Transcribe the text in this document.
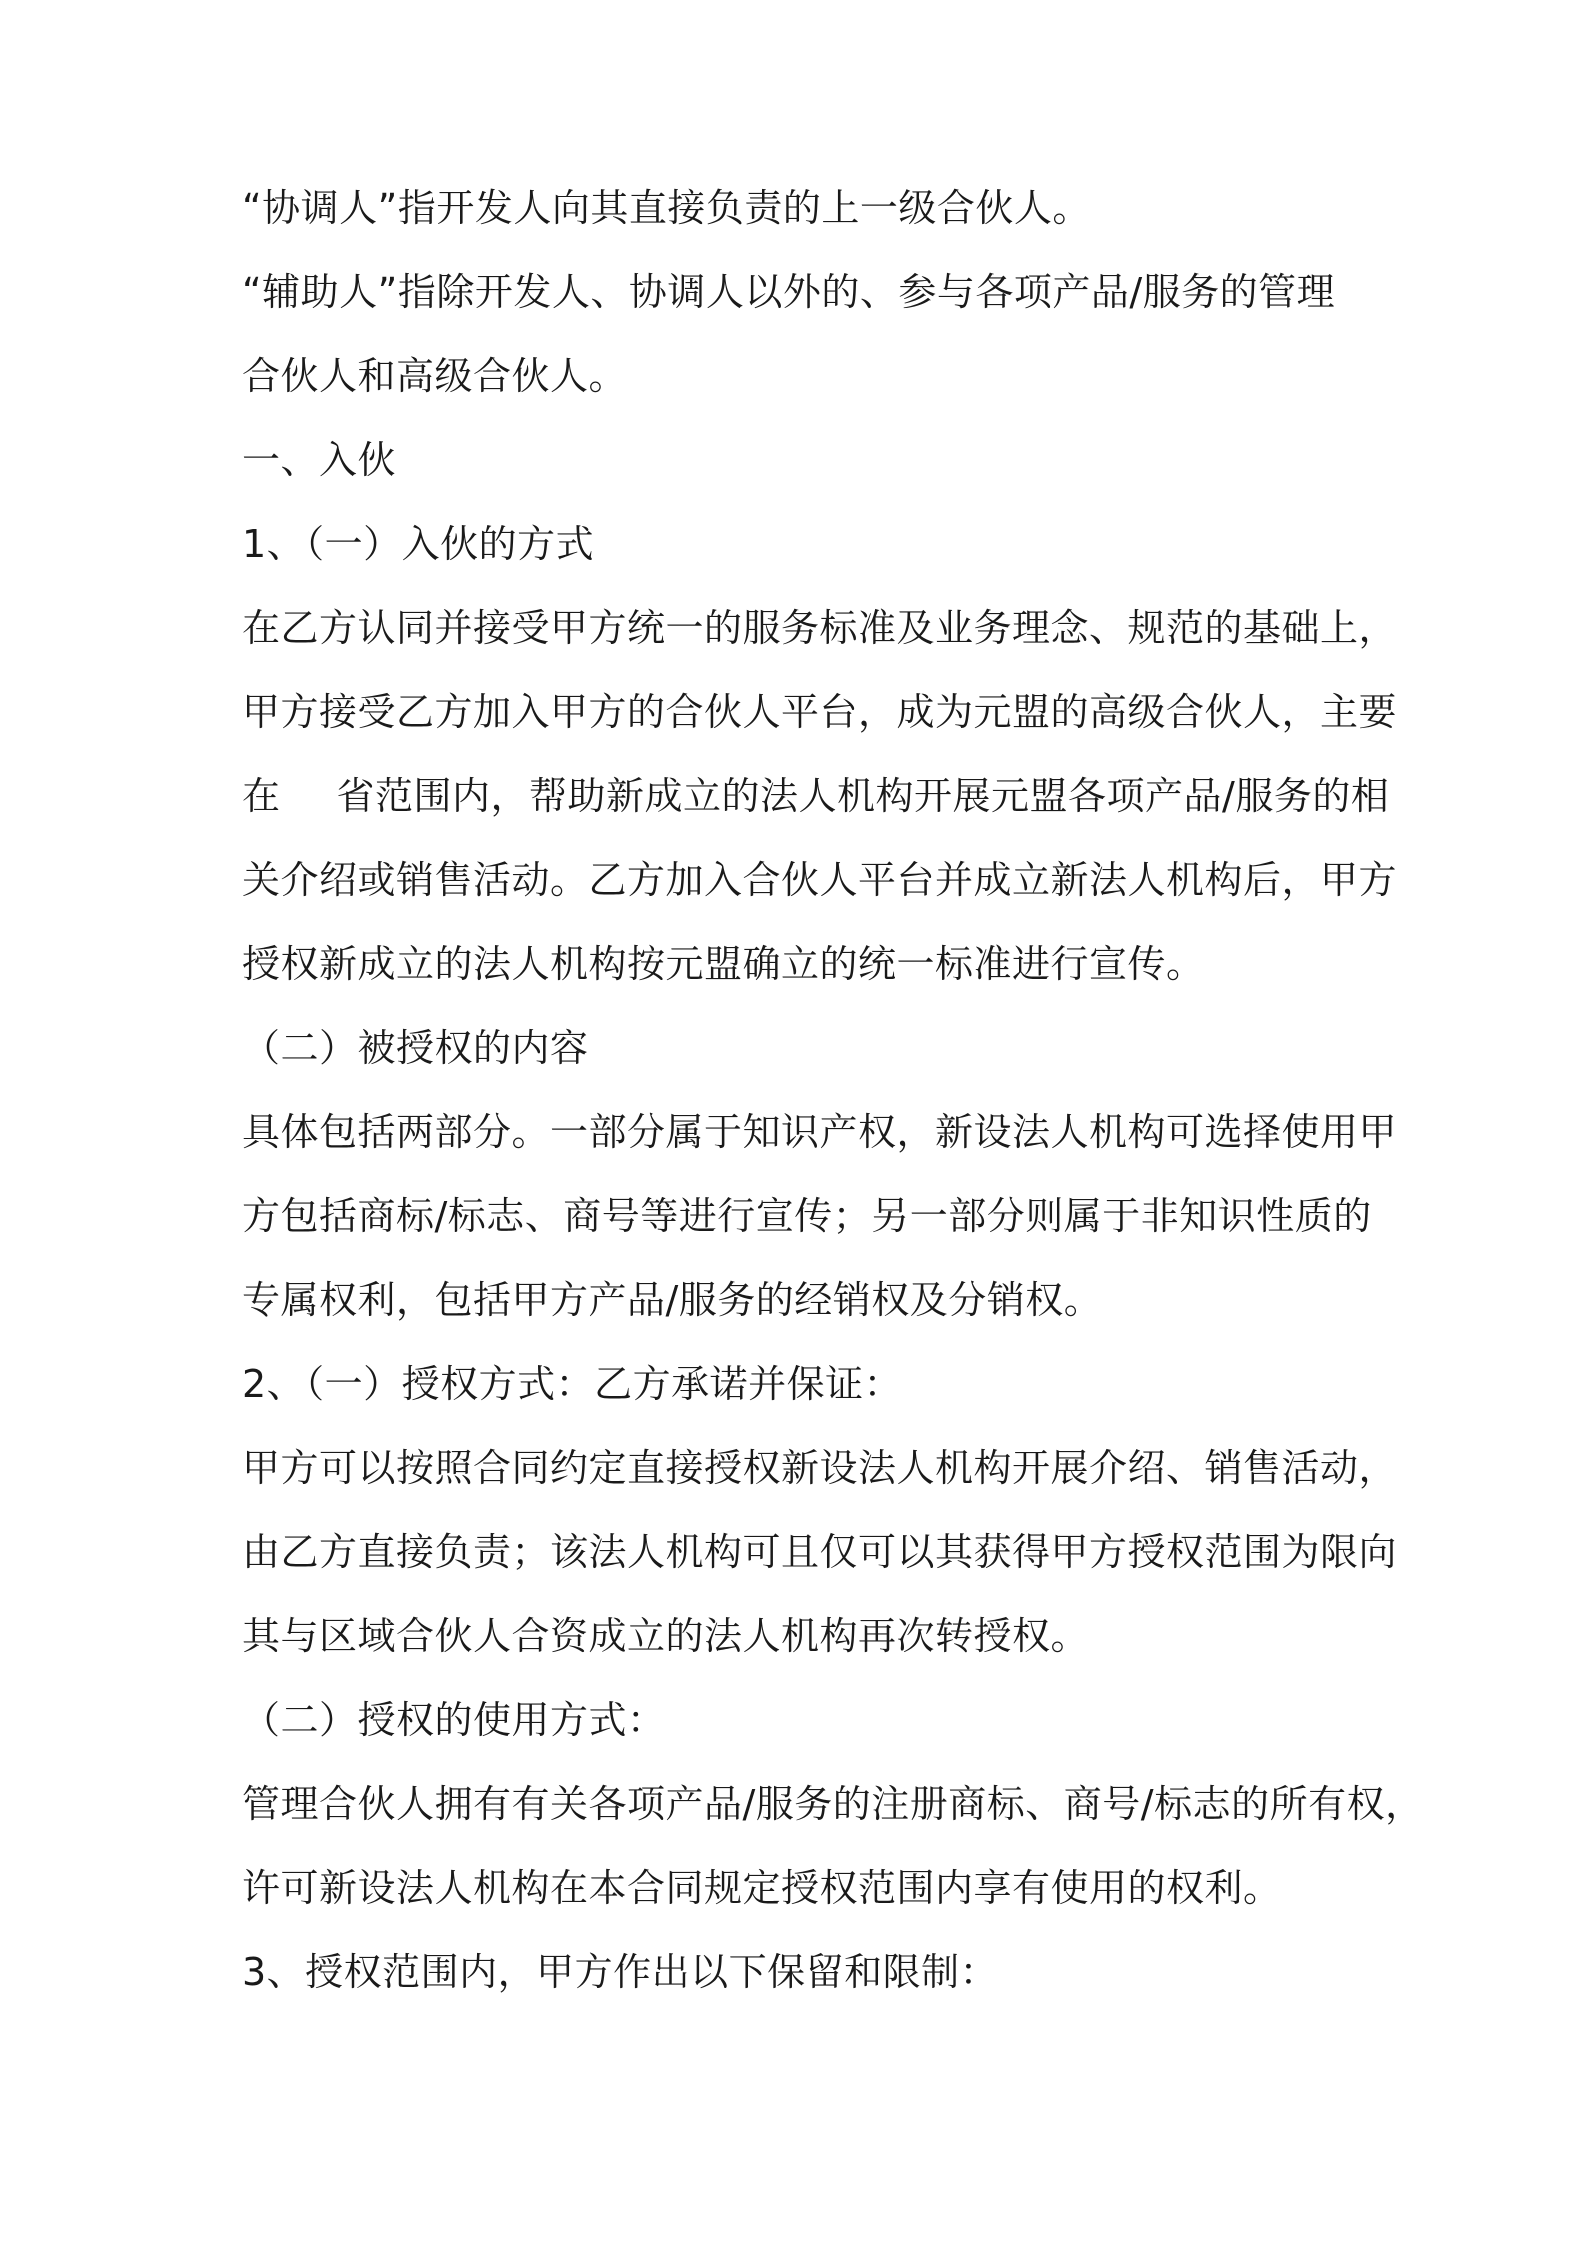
“协调人”指开发人向其直接负责的上一级合伙人。
“辅助人”指除开发人、协调人以外的、参与各项产品/服务的管理
合伙人和高级合伙人。
一、入伙
1、（一）入伙的方式
在乙方认同并接受甲方统一的服务标准及业务理念、规范的基础上，
甲方接受乙方加入甲方的合伙人平台，成为元盟的高级合伙人，主要
在 省范围内，帮助新成立的法人机构开展元盟各项产品/服务的相
关介绍或销售活动。乙方加入合伙人平台并成立新法人机构后，甲方
授权新成立的法人机构按元盟确立的统一标准进行宣传。
（二）被授权的内容
具体包括两部分。一部分属于知识产权，新设法人机构可选择使用甲
方包括商标/标志、商号等进行宣传；另一部分则属于非知识性质的
专属权利，包括甲方产品/服务的经销权及分销权。
2、（一）授权方式：乙方承诺并保证：
甲方可以按照合同约定直接授权新设法人机构开展介绍、销售活动，
由乙方直接负责；该法人机构可且仅可以其获得甲方授权范围为限向
其与区域合伙人合资成立的法人机构再次转授权。
（二）授权的使用方式：
管理合伙人拥有有关各项产品/服务的注册商标、商号/标志的所有权，
许可新设法人机构在本合同规定授权范围内享有使用的权利。
3、授权范围内，甲方作出以下保留和限制：
